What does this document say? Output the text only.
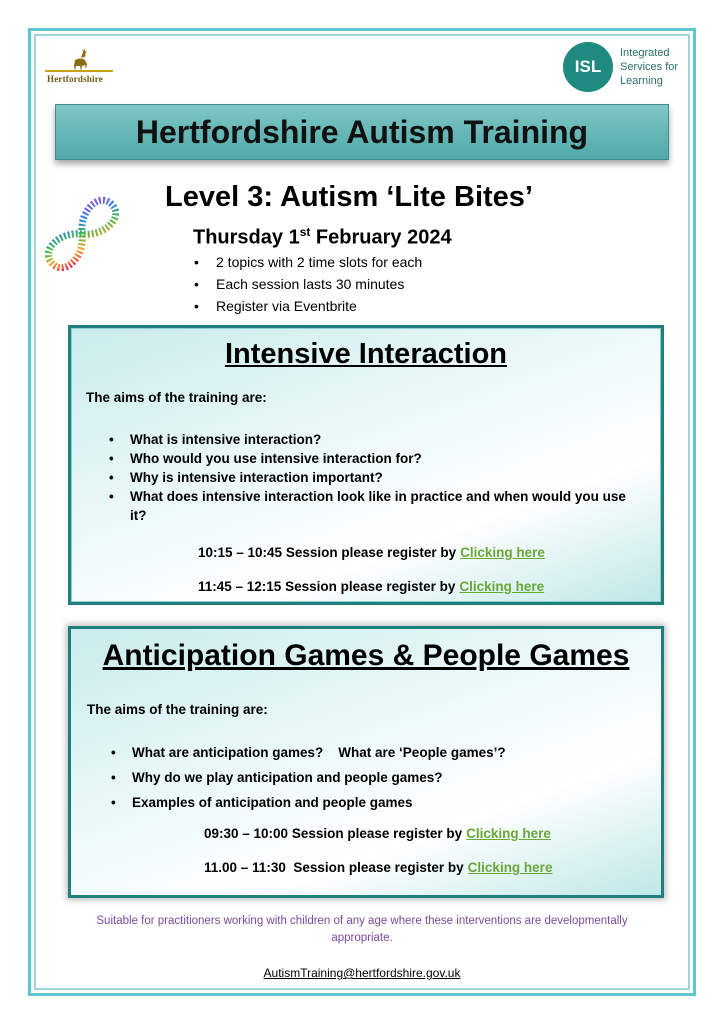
Hertfordshire
ISL
Integrated
Services for
Learning
Hertfordshire Autism Training
Level 3: Autism ‘Lite Bites’
Thursday 1st February 2024
• 2 topics with 2 time slots for each
• Each session lasts 30 minutes
• Register via Eventbrite
Intensive Interaction
The aims of the training are:
• What is intensive interaction?
• Who would you use intensive interaction for?
• Why is intensive interaction important?
• What does intensive interaction look like in practice and when would you use it?
10:15 – 10:45 Session please register by Clicking here
11:45 – 12:15 Session please register by Clicking here
Anticipation Games & People Games
The aims of the training are:
• What are anticipation games?    What are ‘People games’?
• Why do we play anticipation and people games?
• Examples of anticipation and people games
09:30 – 10:00 Session please register by Clicking here
11.00 – 11:30  Session please register by Clicking here
Suitable for practitioners working with children of any age where these interventions are developmentally appropriate.
AutismTraining@hertfordshire.gov.uk
